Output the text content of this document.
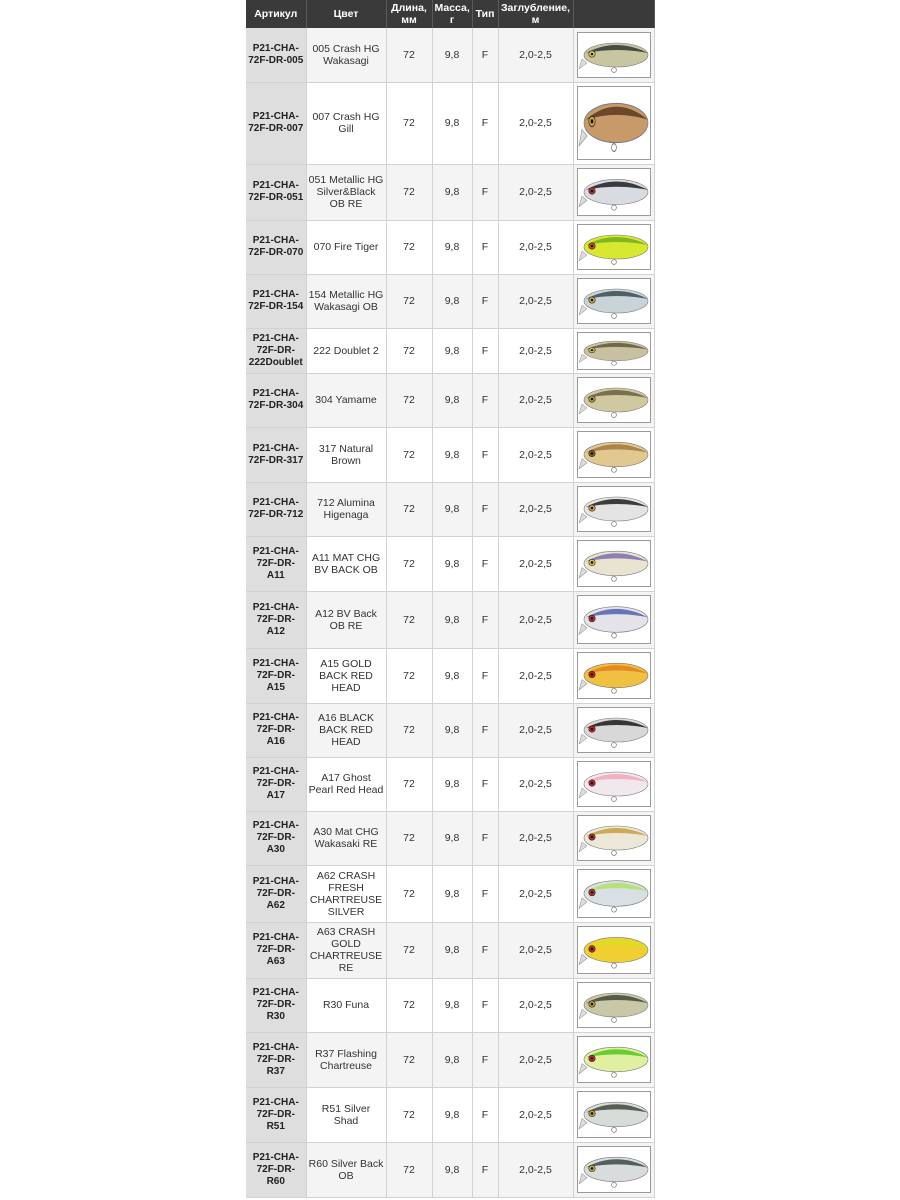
Артикул	Цвет	Длина, мм	Масса, г	Тип	Заглубление, м	
P21-CHA-72F-DR-005	005 Crash HG Wakasagi	72	9,8	F	2,0-2,5	

P21-CHA-72F-DR-007	007 Crash HG Gill	72	9,8	F	2,0-2,5	

P21-CHA-72F-DR-051	051 Metallic HG Silver&Black OB RE	72	9,8	F	2,0-2,5	

P21-CHA-72F-DR-070	070 Fire Tiger	72	9,8	F	2,0-2,5	

P21-CHA-72F-DR-154	154 Metallic HG Wakasagi OB	72	9,8	F	2,0-2,5	

P21-CHA-72F-DR-222Doublet	222 Doublet 2	72	9,8	F	2,0-2,5	

P21-CHA-72F-DR-304	304 Yamame	72	9,8	F	2,0-2,5	

P21-CHA-72F-DR-317	317 Natural Brown	72	9,8	F	2,0-2,5	

P21-CHA-72F-DR-712	712 Alumina Higenaga	72	9,8	F	2,0-2,5	

P21-CHA-72F-DR-A11	A11 MAT CHG BV BACK OB	72	9,8	F	2,0-2,5	

P21-CHA-72F-DR-A12	A12 BV Back OB RE	72	9,8	F	2,0-2,5	

P21-CHA-72F-DR-A15	A15 GOLD BACK RED HEAD	72	9,8	F	2,0-2,5	

P21-CHA-72F-DR-A16	A16 BLACK BACK RED HEAD	72	9,8	F	2,0-2,5	

P21-CHA-72F-DR-A17	A17 Ghost Pearl Red Head	72	9,8	F	2,0-2,5	

P21-CHA-72F-DR-A30	A30 Mat CHG Wakasaki RE	72	9,8	F	2,0-2,5	

P21-CHA-72F-DR-A62	A62 CRASH FRESH CHARTREUSE SILVER	72	9,8	F	2,0-2,5	

P21-CHA-72F-DR-A63	A63 CRASH GOLD CHARTREUSE RE	72	9,8	F	2,0-2,5	

P21-CHA-72F-DR-R30	R30 Funa	72	9,8	F	2,0-2,5	

P21-CHA-72F-DR-R37	R37 Flashing Chartreuse	72	9,8	F	2,0-2,5	

P21-CHA-72F-DR-R51	R51 Silver Shad	72	9,8	F	2,0-2,5	

P21-CHA-72F-DR-R60	R60 Silver Back OB	72	9,8	F	2,0-2,5	
